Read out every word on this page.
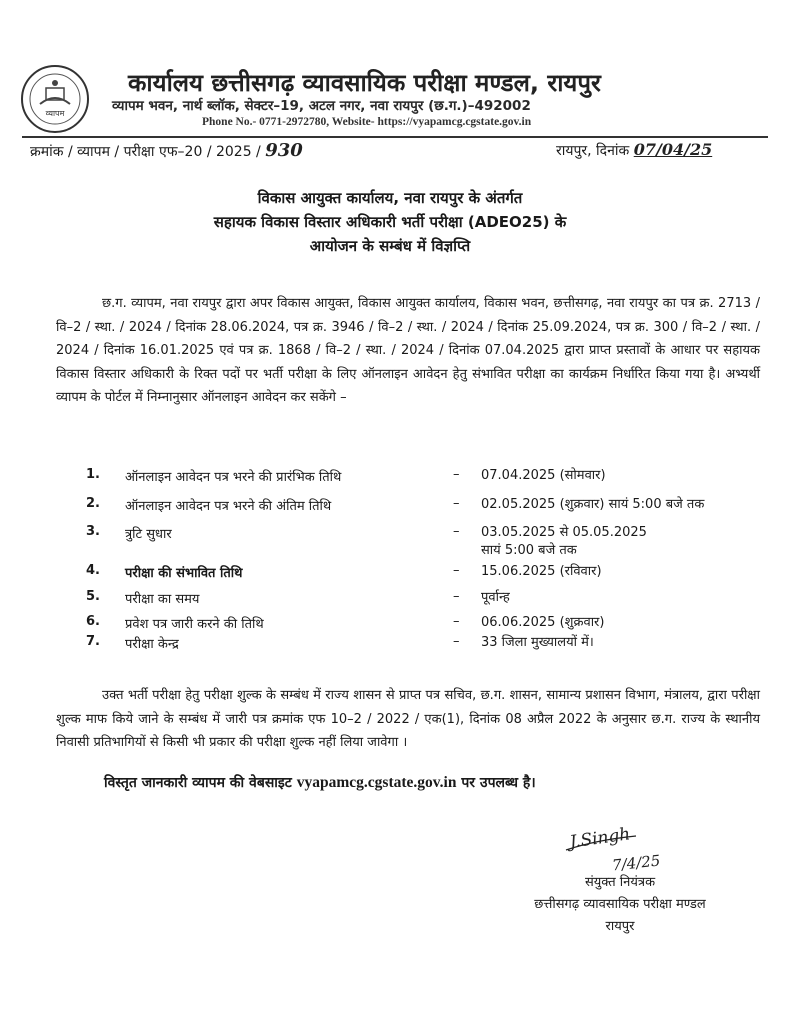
व्यापम
कार्यालय छत्तीसगढ़ व्यावसायिक परीक्षा मण्डल, रायपुर
व्यापम भवन, नार्थ ब्लॉक, सेक्टर–19, अटल नगर, नवा रायपुर (छ.ग.)–492002
Phone No.- 0771-2972780, Website- https://vyapamcg.cgstate.gov.in
क्रमांक / व्यापम / परीक्षा एफ–20 / 2025 / 930	रायपुर, दिनांक 07/04/25
विकास आयुक्त कार्यालय, नवा रायपुर के अंतर्गत
सहायक विकास विस्तार अधिकारी भर्ती परीक्षा (ADEO25) के
आयोजन के सम्बंध में विज्ञप्ति
छ.ग. व्यापम, नवा रायपुर द्वारा अपर विकास आयुक्त, विकास आयुक्त कार्यालय, विकास भवन, छत्तीसगढ़, नवा रायपुर का पत्र क्र. 2713 / वि–2 / स्था. / 2024 / दिनांक 28.06.2024, पत्र क्र. 3946 / वि–2 / स्था. / 2024 / दिनांक 25.09.2024, पत्र क्र. 300 / वि–2 / स्था. / 2024 / दिनांक 16.01.2025 एवं पत्र क्र. 1868 / वि–2 / स्था. / 2024 / दिनांक 07.04.2025 द्वारा प्राप्त प्रस्तावों के आधार पर सहायक विकास विस्तार अधिकारी के रिक्त पदों पर भर्ती परीक्षा के लिए ऑनलाइन आवेदन हेतु संभावित परीक्षा का कार्यक्रम निर्धारित किया गया है। अभ्यर्थी व्यापम के पोर्टल में निम्नानुसार ऑनलाइन आवेदन कर सकेंगे –
1. ऑनलाइन आवेदन पत्र भरने की प्रारंभिक तिथि	– 07.04.2025 (सोमवार)
2. ऑनलाइन आवेदन पत्र भरने की अंतिम तिथि	– 02.05.2025 (शुक्रवार) सायं 5:00 बजे तक
3. त्रुटि सुधार	– 03.05.2025 से 05.05.2025
सायं 5:00 बजे तक
4. परीक्षा की संभावित तिथि	– 15.06.2025 (रविवार)
5. परीक्षा का समय	– पूर्वान्ह
6. प्रवेश पत्र जारी करने की तिथि	– 06.06.2025 (शुक्रवार)
7. परीक्षा केन्द्र	– 33 जिला मुख्यालयों में।
उक्त भर्ती परीक्षा हेतु परीक्षा शुल्क के सम्बंध में राज्य शासन से प्राप्त पत्र सचिव, छ.ग. शासन, सामान्य प्रशासन विभाग, मंत्रालय, द्वारा परीक्षा शुल्क माफ किये जाने के सम्बंध में जारी पत्र क्रमांक एफ 10–2 / 2022 / एक(1), दिनांक 08 अप्रैल 2022 के अनुसार छ.ग. राज्य के स्थानीय निवासी प्रतिभागियों से किसी भी प्रकार की परीक्षा शुल्क नहीं लिया जावेगा ।
विस्तृत जानकारी व्यापम की वेबसाइट vyapamcg.cgstate.gov.in पर उपलब्ध है।
J.Singh
7/4/25
संयुक्त नियंत्रक
छत्तीसगढ़ व्यावसायिक परीक्षा मण्डल
रायपुर
